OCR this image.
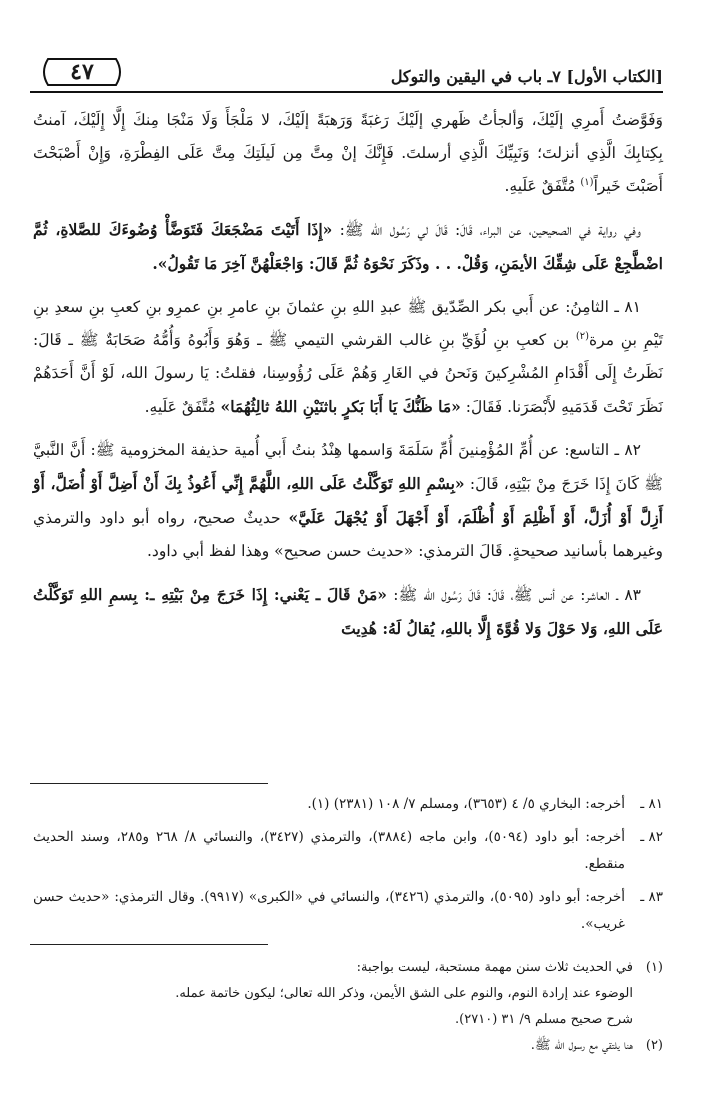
[الكتاب الأول] ٧ـ باب في اليقين والتوكل
٤٧

وَفَوَّضتُ أَمرِي إلَيْكَ، وَألجأتُ ظَهري إلَيْكَ رَغبَةً وَرَهبَةً إلَيْكَ، لا مَلْجَأَ وَلَا مَنْجَا مِنكَ إِلَّا إِلَيْكَ، آمنتُ بِكِتابِكَ الَّذِي أنزلتَ؛ وَنَبِيِّكَ الَّذِي أرسلتَ. فَإِنَّكَ إنْ مِتَّ مِن لَيلَتِكَ مِتَّ عَلَى الفِطْرَةِ، وَإِنْ أَصْبَحْتَ أَصَبْتَ خَيراً$^{(١)}$ مُتَّفَقٌ عَلَيهِ.

وفي رواية في الصحيحين، عن البراء، قَالَ: قَالَ لي رَسُول الله ﷺ: «إِذَا أَتَيْتَ مَضْجَعَكَ فَتَوَضَّأْ وُضُوءَكَ للصَّلاةِ، ثُمَّ اضْطَّجِعْ عَلَى شِقِّكَ الأيمَنِ، وَقُلْ. . . وذَكَرَ نَحْوَهُ ثُمَّ قَالَ: وَاجْعَلْهُنَّ آخِرَ مَا تَقُولُ».

٨١ ـ الثامِنُ: عن أَبي بكر الصِّدّيق ﷺ عبدِ اللهِ بنِ عثمانَ بنِ عامرِ بنِ عمرِو بنِ كعبِ بنِ سعدِ بنِ تَيْمِ بنِ مرة$^{(٢)}$ بن كعبِ بنِ لُؤَيِّ بنِ غالب القرشي التيمي ﷺ ـ وَهُوَ وَأَبُوهُ وَأُمُّهُ صَحَابَةٌ ﷺ ـ قَالَ: نَظَرتُ إِلَى أَقْدَامِ المُشْرِكينَ وَنَحنُ في الغَارِ وَهُمْ عَلَى رُؤُوسِنا، فقلتُ: يَا رسولَ الله، لَوْ أَنَّ أَحَدَهُمْ نَظَرَ تَحْتَ قَدَمَيهِ لأَبْصَرَنا. فَقَالَ: «مَا ظَنُّكَ يَا أَبَا بَكرٍ باثنَيْنِ اللهُ ثالِثُهُمَا» مُتَّفَقٌ عَلَيهِ.

٨٢ ـ التاسع: عن أُمِّ المُؤْمِنينَ أُمِّ سَلَمَةَ وَاسمها هِنْدُ بنتُ أَبي أُمية حذيفة المخزومية ﷺ: أَنَّ النَّبيَّ ﷺ كَانَ إِذَا خَرَجَ مِنْ بَيْتِهِ، قَالَ: «بِسْمِ اللهِ تَوَكَّلْتُ عَلَى اللهِ، اللَّهُمَّ إِنِّي أَعُوذُ بِكَ أَنْ أَضِلَّ أَوْ أُضَلَّ، أَوْ أَزِلَّ أَوْ أُزَلَّ، أَوْ أَظْلِمَ أَوْ أُظْلَمَ، أَوْ أَجْهَلَ أَوْ يُجْهَلَ عَلَيَّ» حديثٌ صحيح، رواه أبو داود والترمذي وغيرهما بأسانيد صحيحةٍ. قَالَ الترمذي: «حديث حسن صحيح» وهذا لفظ أبي داود.

٨٣ ـ العاشر: عن أنس ﷺ، قَالَ: قَالَ رَسُول الله ﷺ: «مَنْ قَالَ ـ يَعْني: إِذَا خَرَجَ مِنْ بَيْتِهِ ـ: بِسمِ اللهِ تَوَكَّلْتُ عَلَى اللهِ، وَلا حَوْلَ وَلا قُوَّةَ إِلَّا باللهِ، يُقالُ لَهُ: هُدِيتَ

٨١ ـ
أخرجه: البخاري ٥/ ٤ (٣٦٥٣)، ومسلم ٧/ ١٠٨ (٢٣٨١) (١).
٨٢ ـ
أخرجه: أبو داود (٥٠٩٤)، وابن ماجه (٣٨٨٤)، والترمذي (٣٤٢٧)، والنسائي ٨/ ٢٦٨ و٢٨٥، وسند الحديث منقطع.
٨٣ ـ
أخرجه: أبو داود (٥٠٩٥)، والترمذي (٣٤٢٦)، والنسائي في «الكبرى» (٩٩١٧). وقال الترمذي: «حديث حسن غريب».
(١)
في الحديث ثلاث سنن مهمة مستحبة، ليست بواجبة:
الوضوء عند إرادة النوم، والنوم على الشق الأيمن، وذكر الله تعالى؛ ليكون خاتمة عمله.
شرح صحيح مسلم ٩/ ٣١ (٢٧١٠).
(٢)
هنا يلتقي مع رسول الله ﷺ.
